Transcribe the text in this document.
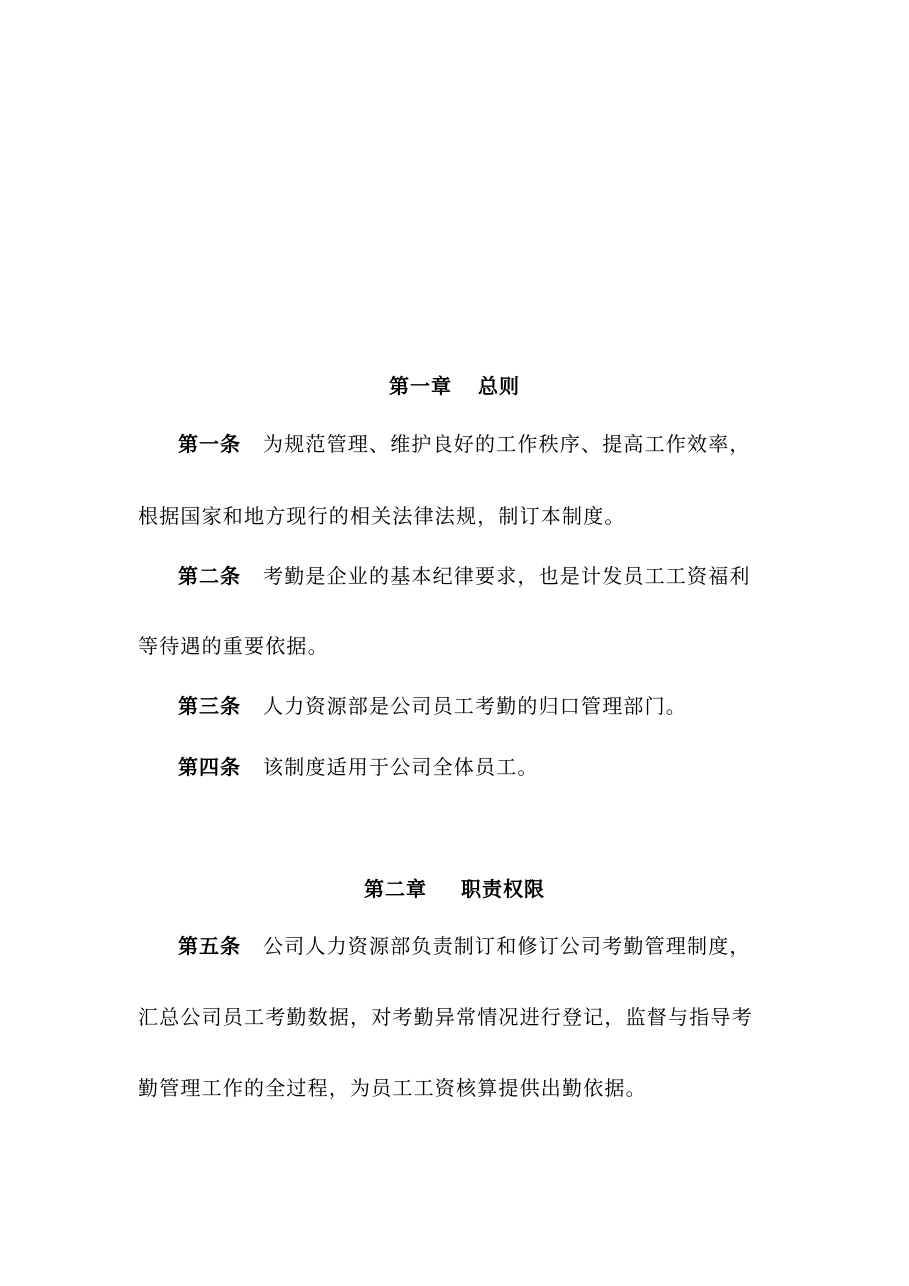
第一章 总则
第一条 为规范管理、维护良好的工作秩序、提高工作效率，
根据国家和地方现行的相关法律法规，制订本制度。
第二条 考勤是企业的基本纪律要求，也是计发员工工资福利
等待遇的重要依据。
第三条 人力资源部是公司员工考勤的归口管理部门。
第四条 该制度适用于公司全体员工。
第二章 职责权限
第五条 公司人力资源部负责制订和修订公司考勤管理制度，
汇总公司员工考勤数据，对考勤异常情况进行登记，监督与指导考
勤管理工作的全过程，为员工工资核算提供出勤依据。
